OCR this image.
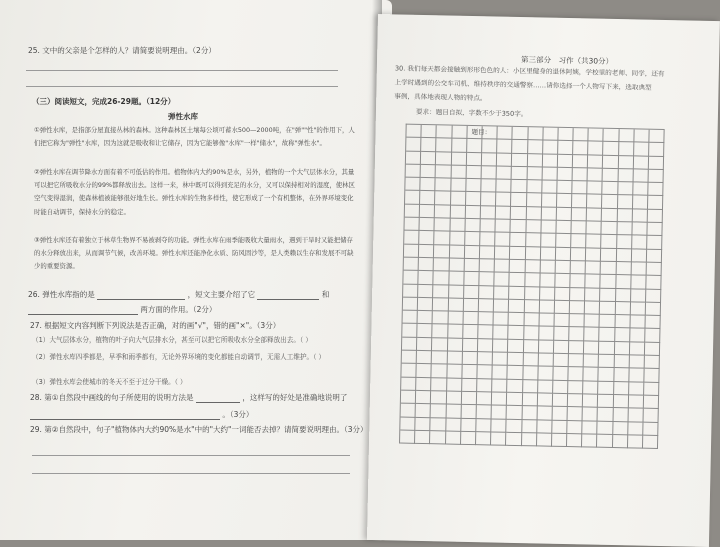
25. 文中的父亲是个怎样的人？请简要说明理由。（2分）
（三）阅读短文，完成26-29题。（12分）
弹性水库
①弹性水库，是指部分屋直接丛林的森林。这种森林区土壤每公顷可蓄水500—2000吨，在"弹""性"的作用下，人们把它称为"弹性"水库，因为这就是吸收和让它储存，因为它能够像"水库"一样"储水"，故称"弹性水"。
②弹性水库在调节降水方面有着不可低估的作用。植物体内大约90%是水，另外，植物的一个大气层体水分，其量可以把它所吸收水分的99%都释放出去。这样一来，林中既可以得到充足的水分，又可以保持相对的湿度，使林区空气变得湿润，使森林植被能够很好地生长。弹性水库的生物多样性，使它形成了一个有机整体，在外界环境变化时能自动调节，保持水分的稳定。
③弹性水库还有着独立于林草生物界不易被剥夺的功能。弹性水库在雨季能吸收大量雨水，遇到干旱时又能把储存的水分释放出来，从而调节气候，改善环境。弹性水库还能净化水质、防风固沙等，是人类赖以生存和发展不可缺少的重要资源。
26. 弹性水库指的是	，短文主要介绍了它	和
两方面的作用。（2分）
27. 根据短文内容判断下列说法是否正确，对的画"√"，错的画"×"。（3分）
（1）大气层体水分，植物的叶子向大气层排水分，甚至可以把它所吸收水分全部释放出去。（ ）
（2）弹性水库四季都是，早季和雨季都有，无论外界环境的变化都能自动调节，无需人工维护。（ ）
（3）弹性水库会使城市的冬天不至于过分干燥。（ ）
28. 第①自然段中画线的句子所使用的说明方法是	，这样写的好处是准确地说明了
。（3分）
29. 第②自然段中，句子"植物体内大约90%是水"中的"大约"一词能否去掉？请简要说明理由。（3分）
第三部分　习作（共30分）
30. 我们每天都会接触到形形色色的人：小区里健身的退休阿姨，学校里的老师、同学，还有
上学时遇到的公交车司机、维持秩序的交通警察……请你选择一个人物写下来，选取典型
事例，具体地表现人物的特点。
要求：题目自拟，字数不少于350字。
题目：
